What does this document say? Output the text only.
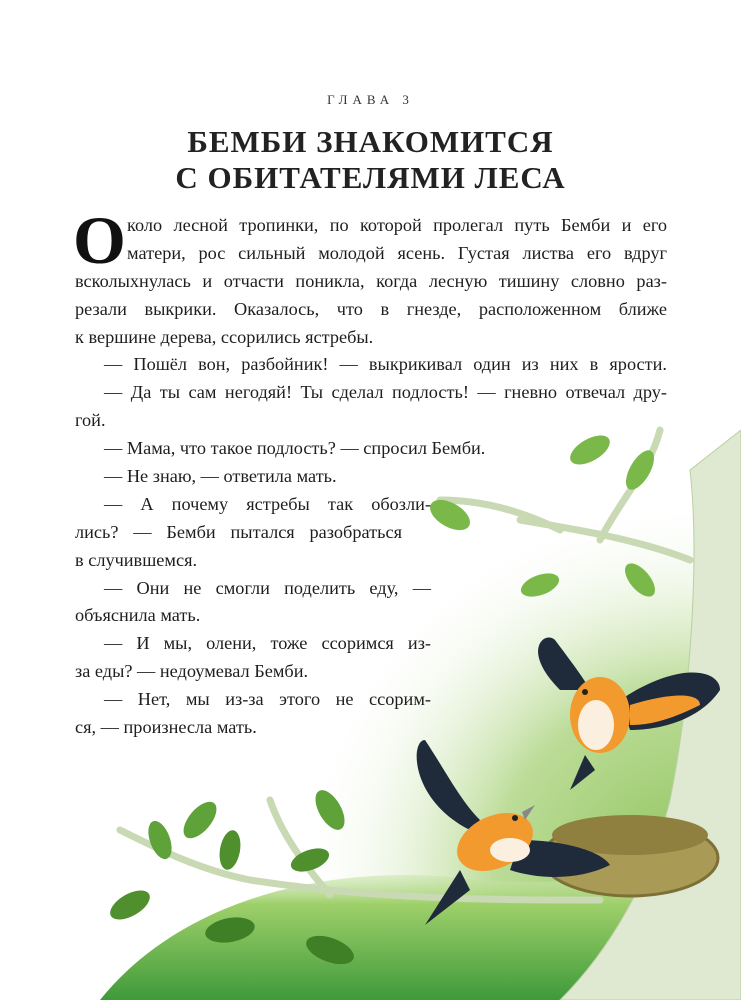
ГЛАВА 3
БЕМБИ ЗНАКОМИТСЯ
С ОБИТАТЕЛЯМИ ЛЕСА
О коло лесной тропинки, по которой пролегал путь Бемби и его
матери, рос сильный молодой ясень. Густая листва его вдруг
всколыхнулась и отчасти поникла, когда лесную тишину словно раз-
резали выкрики. Оказалось, что в гнезде, расположенном ближе
к вершине дерева, ссорились ястребы.
— Пошёл вон, разбойник! — выкрикивал один из них в ярости.
— Да ты сам негодяй! Ты сделал подлость! — гневно отвечал дру-
гой.
— Мама, что такое подлость? — спросил Бемби.
— Не знаю, — ответила мать.
— А почему ястребы так обозли-
лись? — Бемби пытался разобраться
в случившемся.
— Они не смогли поделить еду, —
объяснила мать.
— И мы, олени, тоже ссоримся из-
за еды? — недоумевал Бемби.
— Нет, мы из-за этого не ссорим-
ся, — произнесла мать.
